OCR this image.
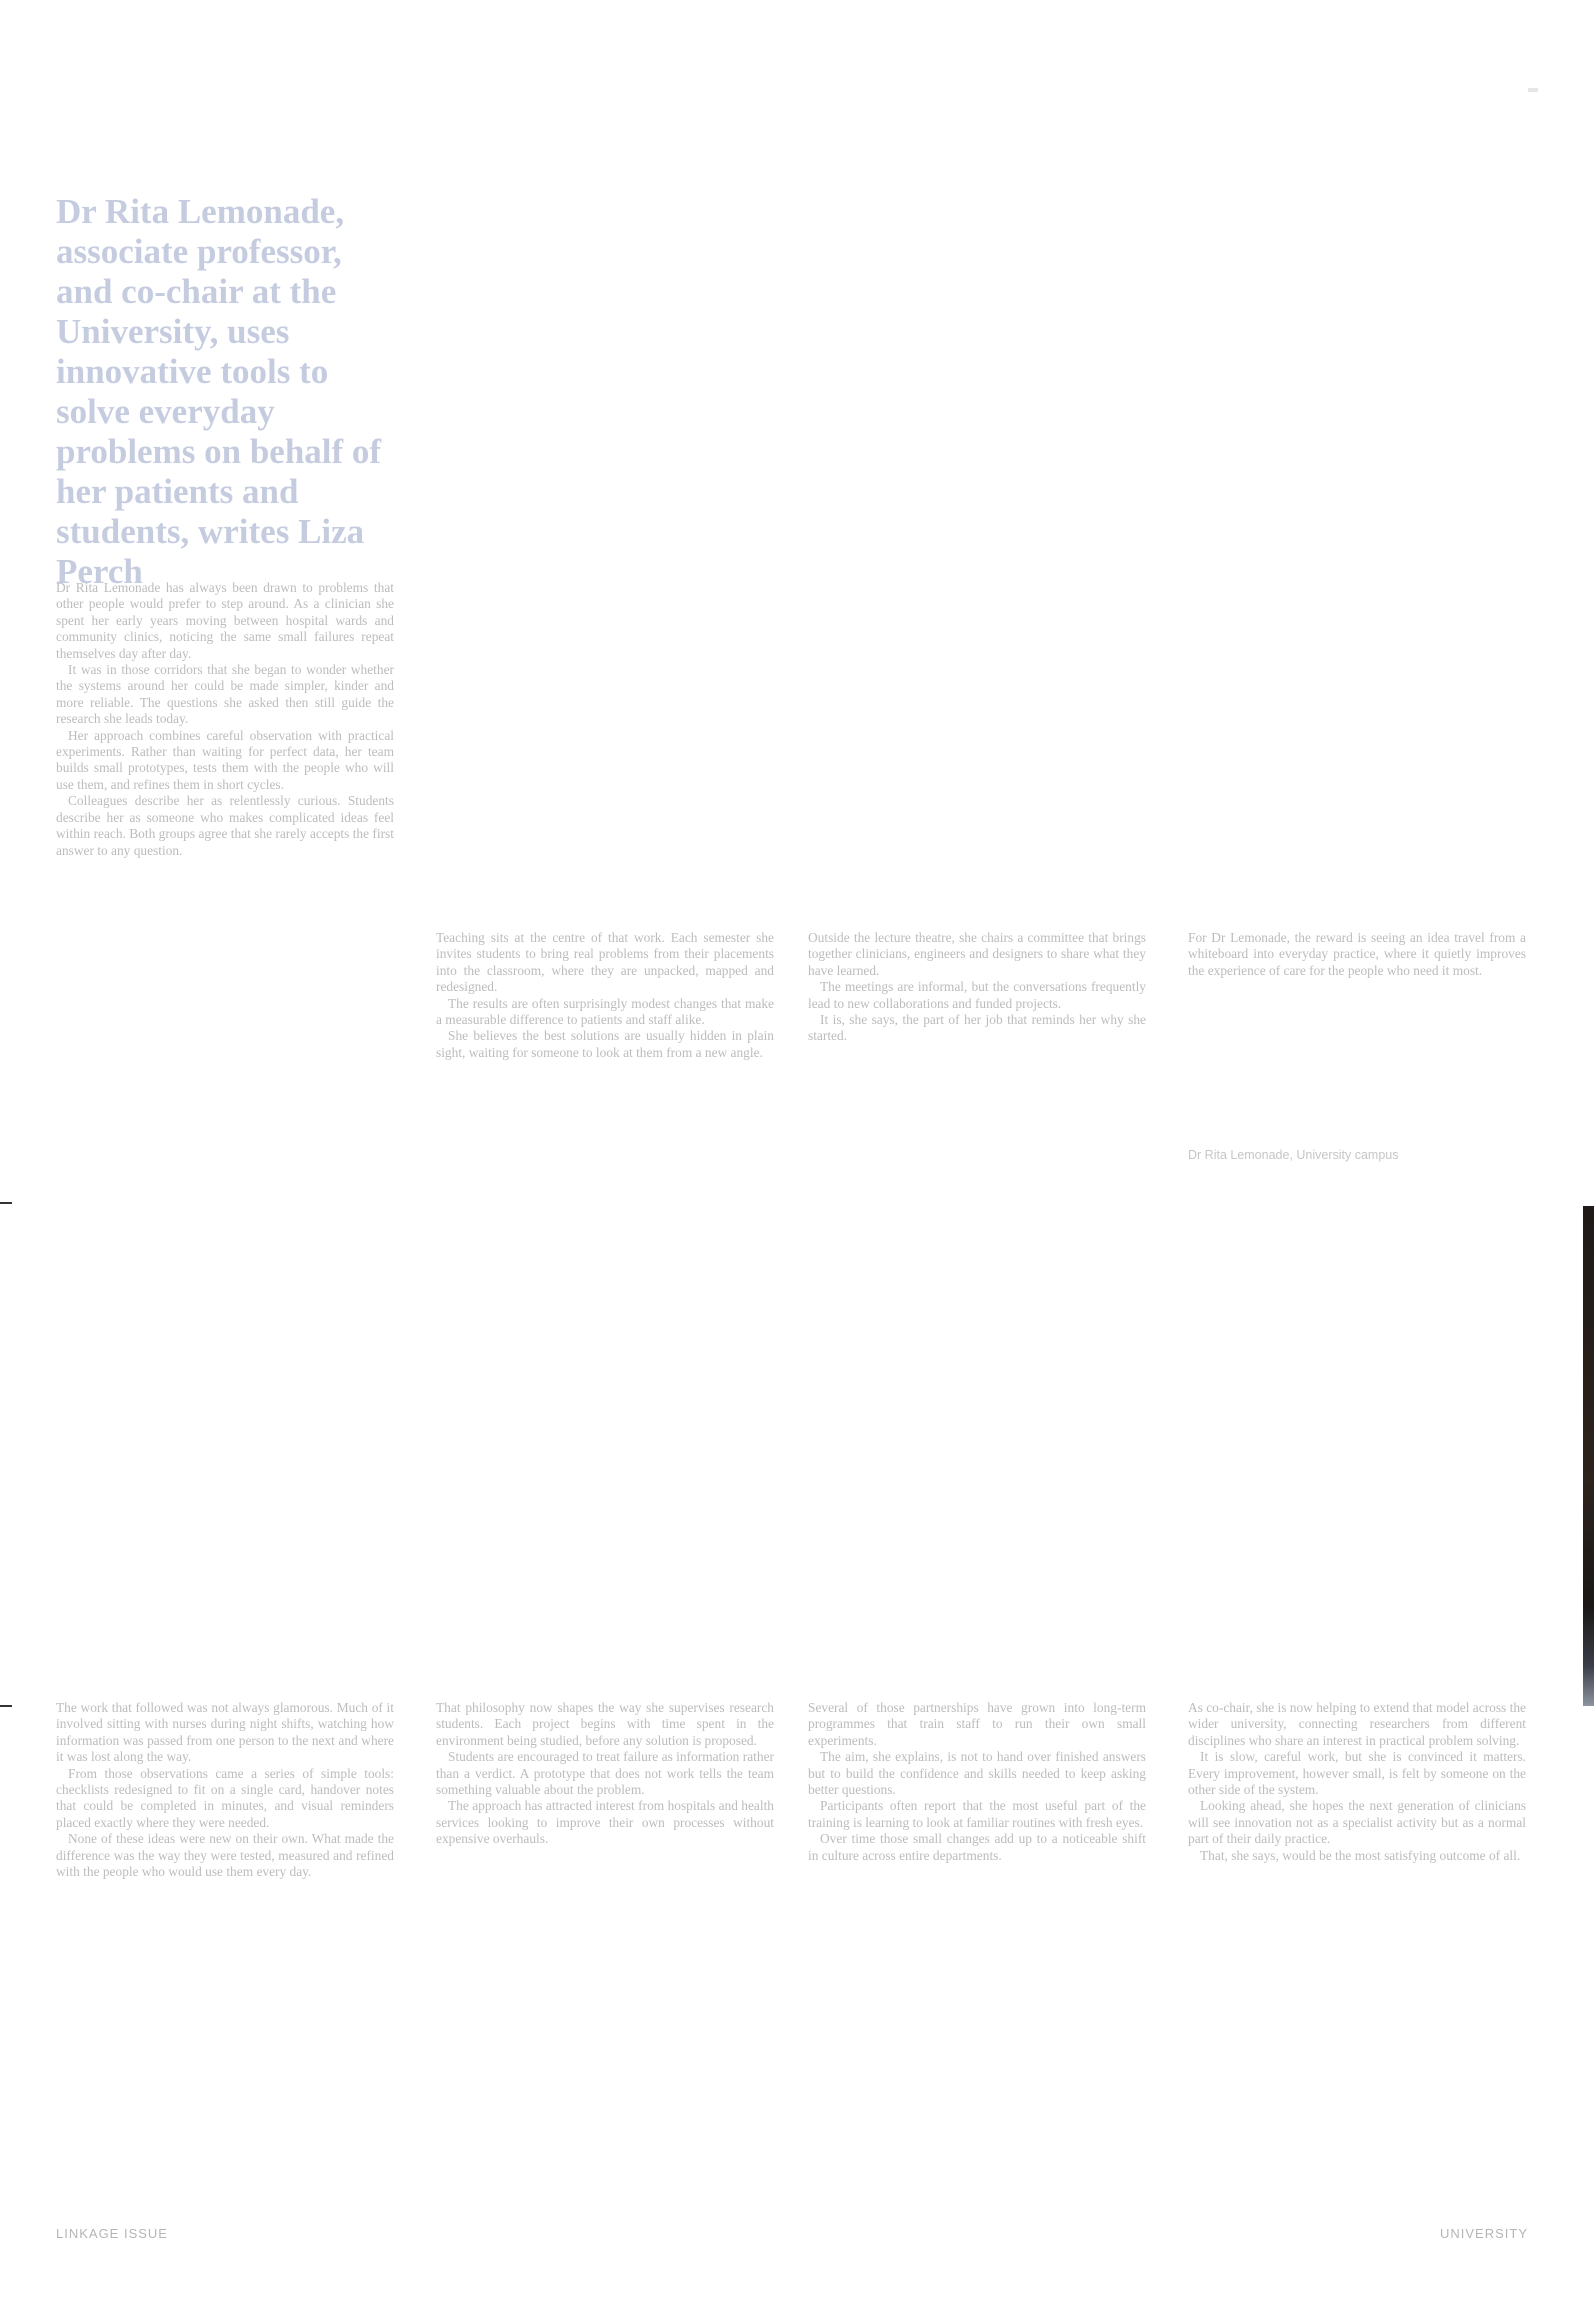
Dr Rita Lemonade, associate professor, and co-chair at the University, uses innovative tools to solve everyday problems on behalf of her patients and students, writes Liza Perch

Dr Rita Lemonade has always been drawn to problems that other people would prefer to step around. As a clinician she spent her early years moving between hospital wards and community clinics, noticing the same small failures repeat themselves day after day.

It was in those corridors that she began to wonder whether the systems around her could be made simpler, kinder and more reliable. The questions she asked then still guide the research she leads today.

Her approach combines careful observation with practical experiments. Rather than waiting for perfect data, her team builds small prototypes, tests them with the people who will use them, and refines them in short cycles.

Colleagues describe her as relentlessly curious. Students describe her as someone who makes complicated ideas feel within reach. Both groups agree that she rarely accepts the first answer to any question.

Teaching sits at the centre of that work. Each semester she invites students to bring real problems from their placements into the classroom, where they are unpacked, mapped and redesigned.

The results are often surprisingly modest changes that make a measurable difference to patients and staff alike.

She believes the best solutions are usually hidden in plain sight, waiting for someone to look at them from a new angle.

Outside the lecture theatre, she chairs a committee that brings together clinicians, engineers and designers to share what they have learned.

The meetings are informal, but the conversations frequently lead to new collaborations and funded projects.

It is, she says, the part of her job that reminds her why she started.

For Dr Lemonade, the reward is seeing an idea travel from a whiteboard into everyday practice, where it quietly improves the experience of care for the people who need it most.

Dr Rita Lemonade, University campus

The work that followed was not always glamorous. Much of it involved sitting with nurses during night shifts, watching how information was passed from one person to the next and where it was lost along the way.

From those observations came a series of simple tools: checklists redesigned to fit on a single card, handover notes that could be completed in minutes, and visual reminders placed exactly where they were needed.

None of these ideas were new on their own. What made the difference was the way they were tested, measured and refined with the people who would use them every day.

That philosophy now shapes the way she supervises research students. Each project begins with time spent in the environment being studied, before any solution is proposed.

Students are encouraged to treat failure as information rather than a verdict. A prototype that does not work tells the team something valuable about the problem.

The approach has attracted interest from hospitals and health services looking to improve their own processes without expensive overhauls.

Several of those partnerships have grown into long-term programmes that train staff to run their own small experiments.

The aim, she explains, is not to hand over finished answers but to build the confidence and skills needed to keep asking better questions.

Participants often report that the most useful part of the training is learning to look at familiar routines with fresh eyes.

Over time those small changes add up to a noticeable shift in culture across entire departments.

As co-chair, she is now helping to extend that model across the wider university, connecting researchers from different disciplines who share an interest in practical problem solving.

It is slow, careful work, but she is convinced it matters. Every improvement, however small, is felt by someone on the other side of the system.

Looking ahead, she hopes the next generation of clinicians will see innovation not as a specialist activity but as a normal part of their daily practice.

That, she says, would be the most satisfying outcome of all.

LINKAGE ISSUE	UNIVERSITY
